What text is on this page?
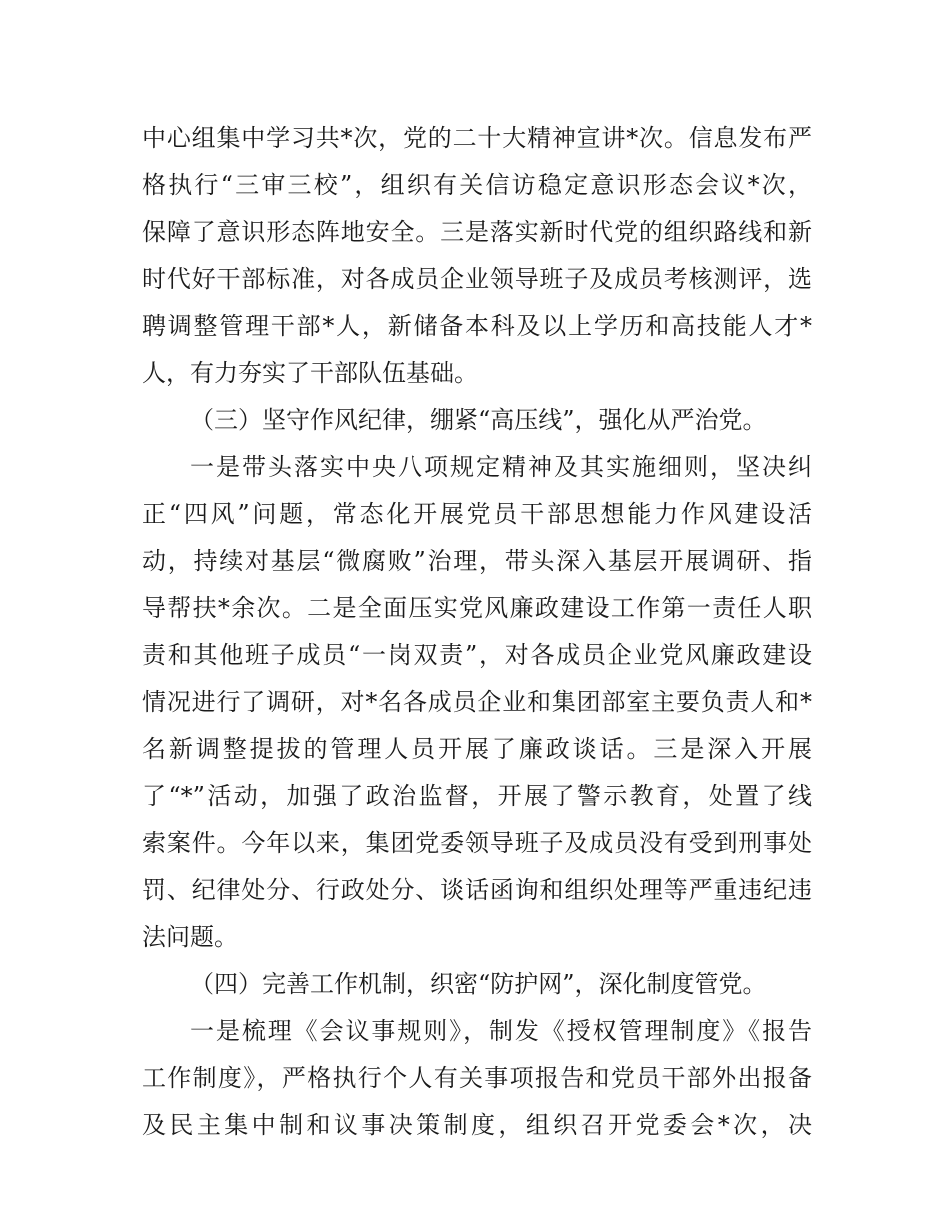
中心组集中学习共*次，党的二十大精神宣讲*次。信息发布严
格执行“三审三校”，组织有关信访稳定意识形态会议*次，
保障了意识形态阵地安全。三是落实新时代党的组织路线和新
时代好干部标准，对各成员企业领导班子及成员考核测评，选
聘调整管理干部*人，新储备本科及以上学历和高技能人才*
人，有力夯实了干部队伍基础。
（三）坚守作风纪律，绷紧“高压线”，强化从严治党。
一是带头落实中央八项规定精神及其实施细则，坚决纠
正“四风”问题，常态化开展党员干部思想能力作风建设活
动，持续对基层“微腐败”治理，带头深入基层开展调研、指
导帮扶*余次。二是全面压实党风廉政建设工作第一责任人职
责和其他班子成员“一岗双责”，对各成员企业党风廉政建设
情况进行了调研，对*名各成员企业和集团部室主要负责人和*
名新调整提拔的管理人员开展了廉政谈话。三是深入开展
了“*”活动，加强了政治监督，开展了警示教育，处置了线
索案件。今年以来，集团党委领导班子及成员没有受到刑事处
罚、纪律处分、行政处分、谈话函询和组织处理等严重违纪违
法问题。
（四）完善工作机制，织密“防护网”，深化制度管党。
一是梳理《会议事规则》，制发《授权管理制度》《报告
工作制度》，严格执行个人有关事项报告和党员干部外出报备
及民主集中制和议事决策制度，组织召开党委会*次，决
